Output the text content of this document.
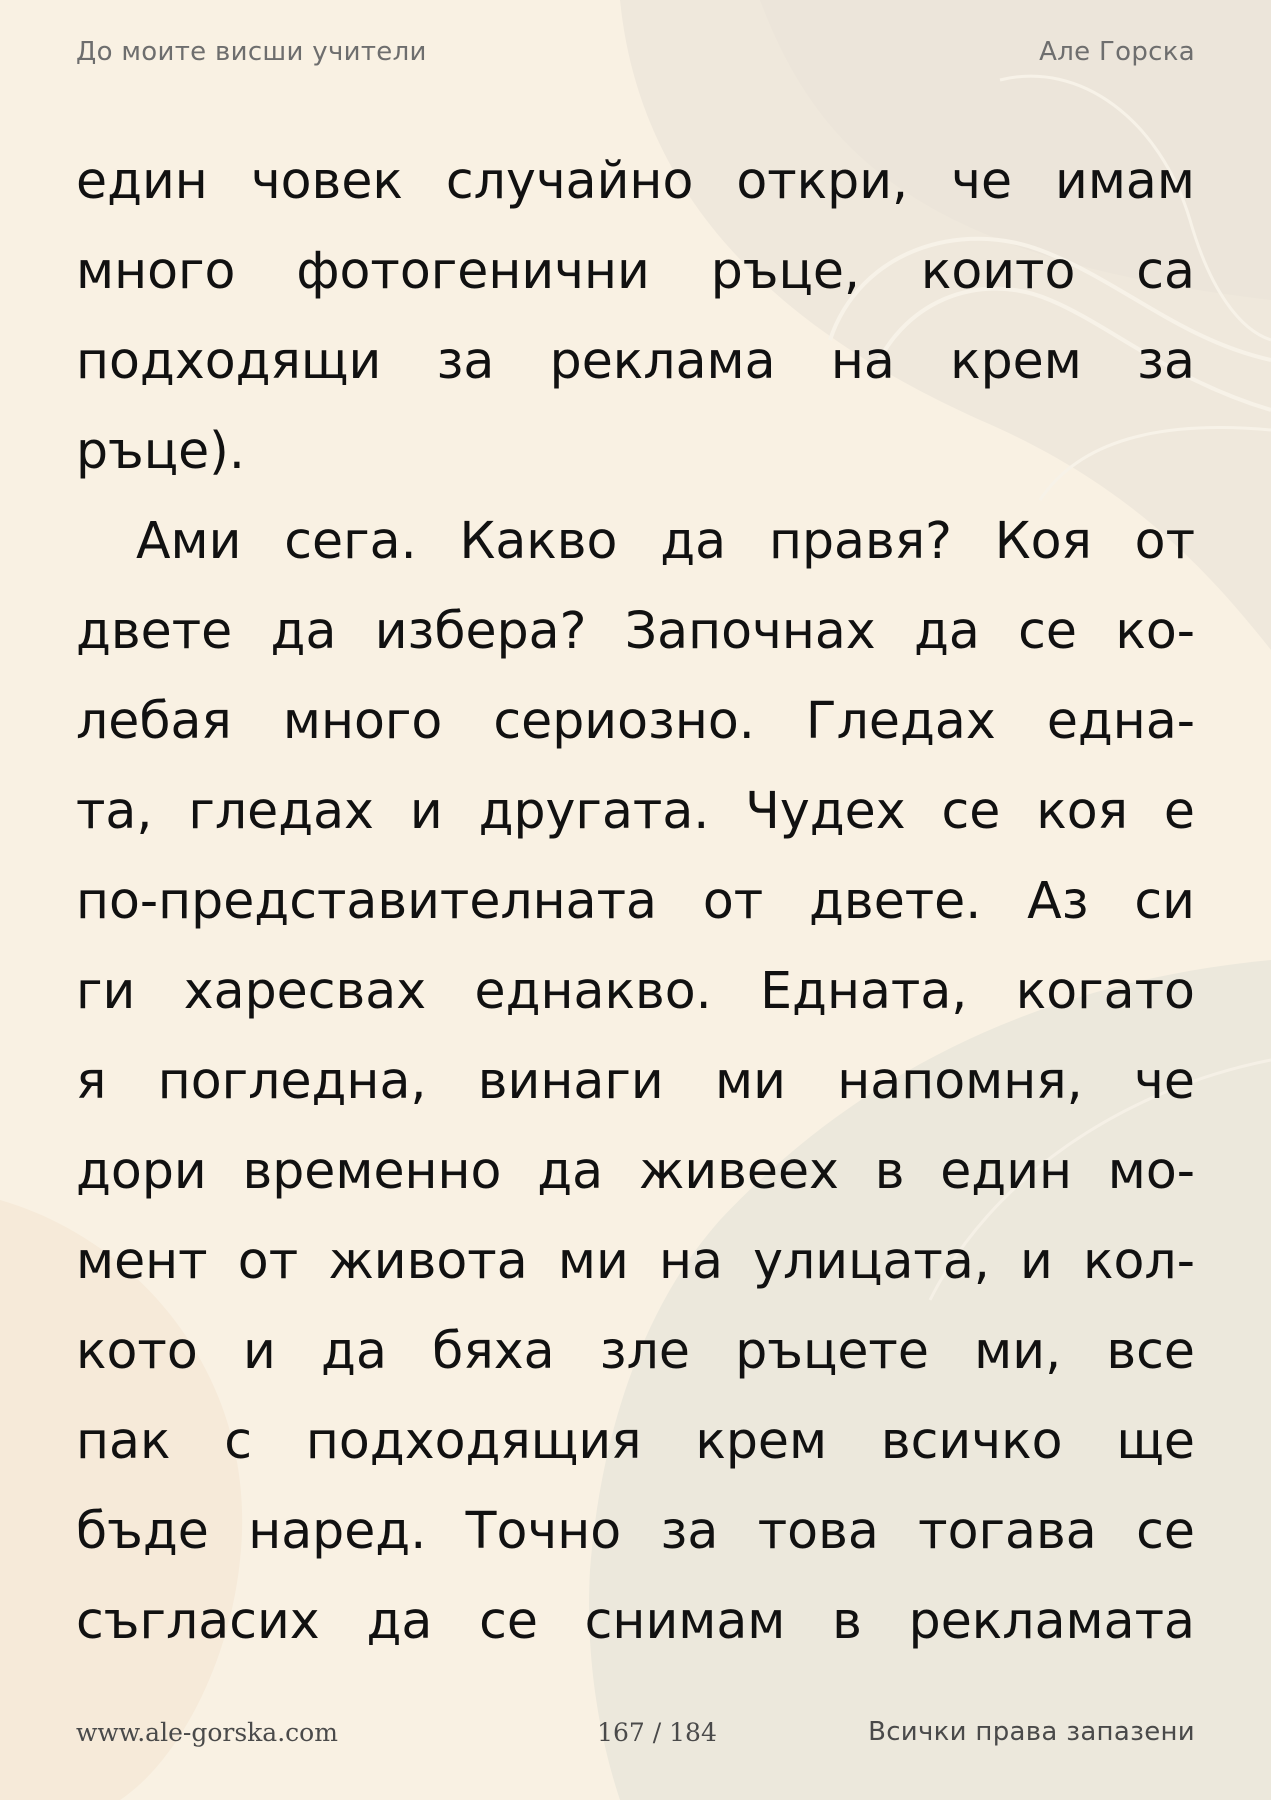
До моите висши учители	Але Горска
един човек случайно откри, че имам
много фотогенични ръце, които са
подходящи за реклама на крем за
ръце).
Ами сега. Какво да правя? Коя от
двете да избера? Започнах да се ко-
лебая много сериозно. Гледах една-
та, гледах и другата. Чудех се коя е
по-представителната от двете. Аз си
ги харесвах еднакво. Едната, когато
я погледна, винаги ми напомня, че
дори временно да живеех в един мо-
мент от живота ми на улицата, и кол-
кото и да бяха зле ръцете ми, все
пак с подходящия крем всичко ще
бъде наред. Точно за това тогава се
съгласих да се снимам в рекламата
www.ale-gorska.com	167 / 184	Всички права запазени
